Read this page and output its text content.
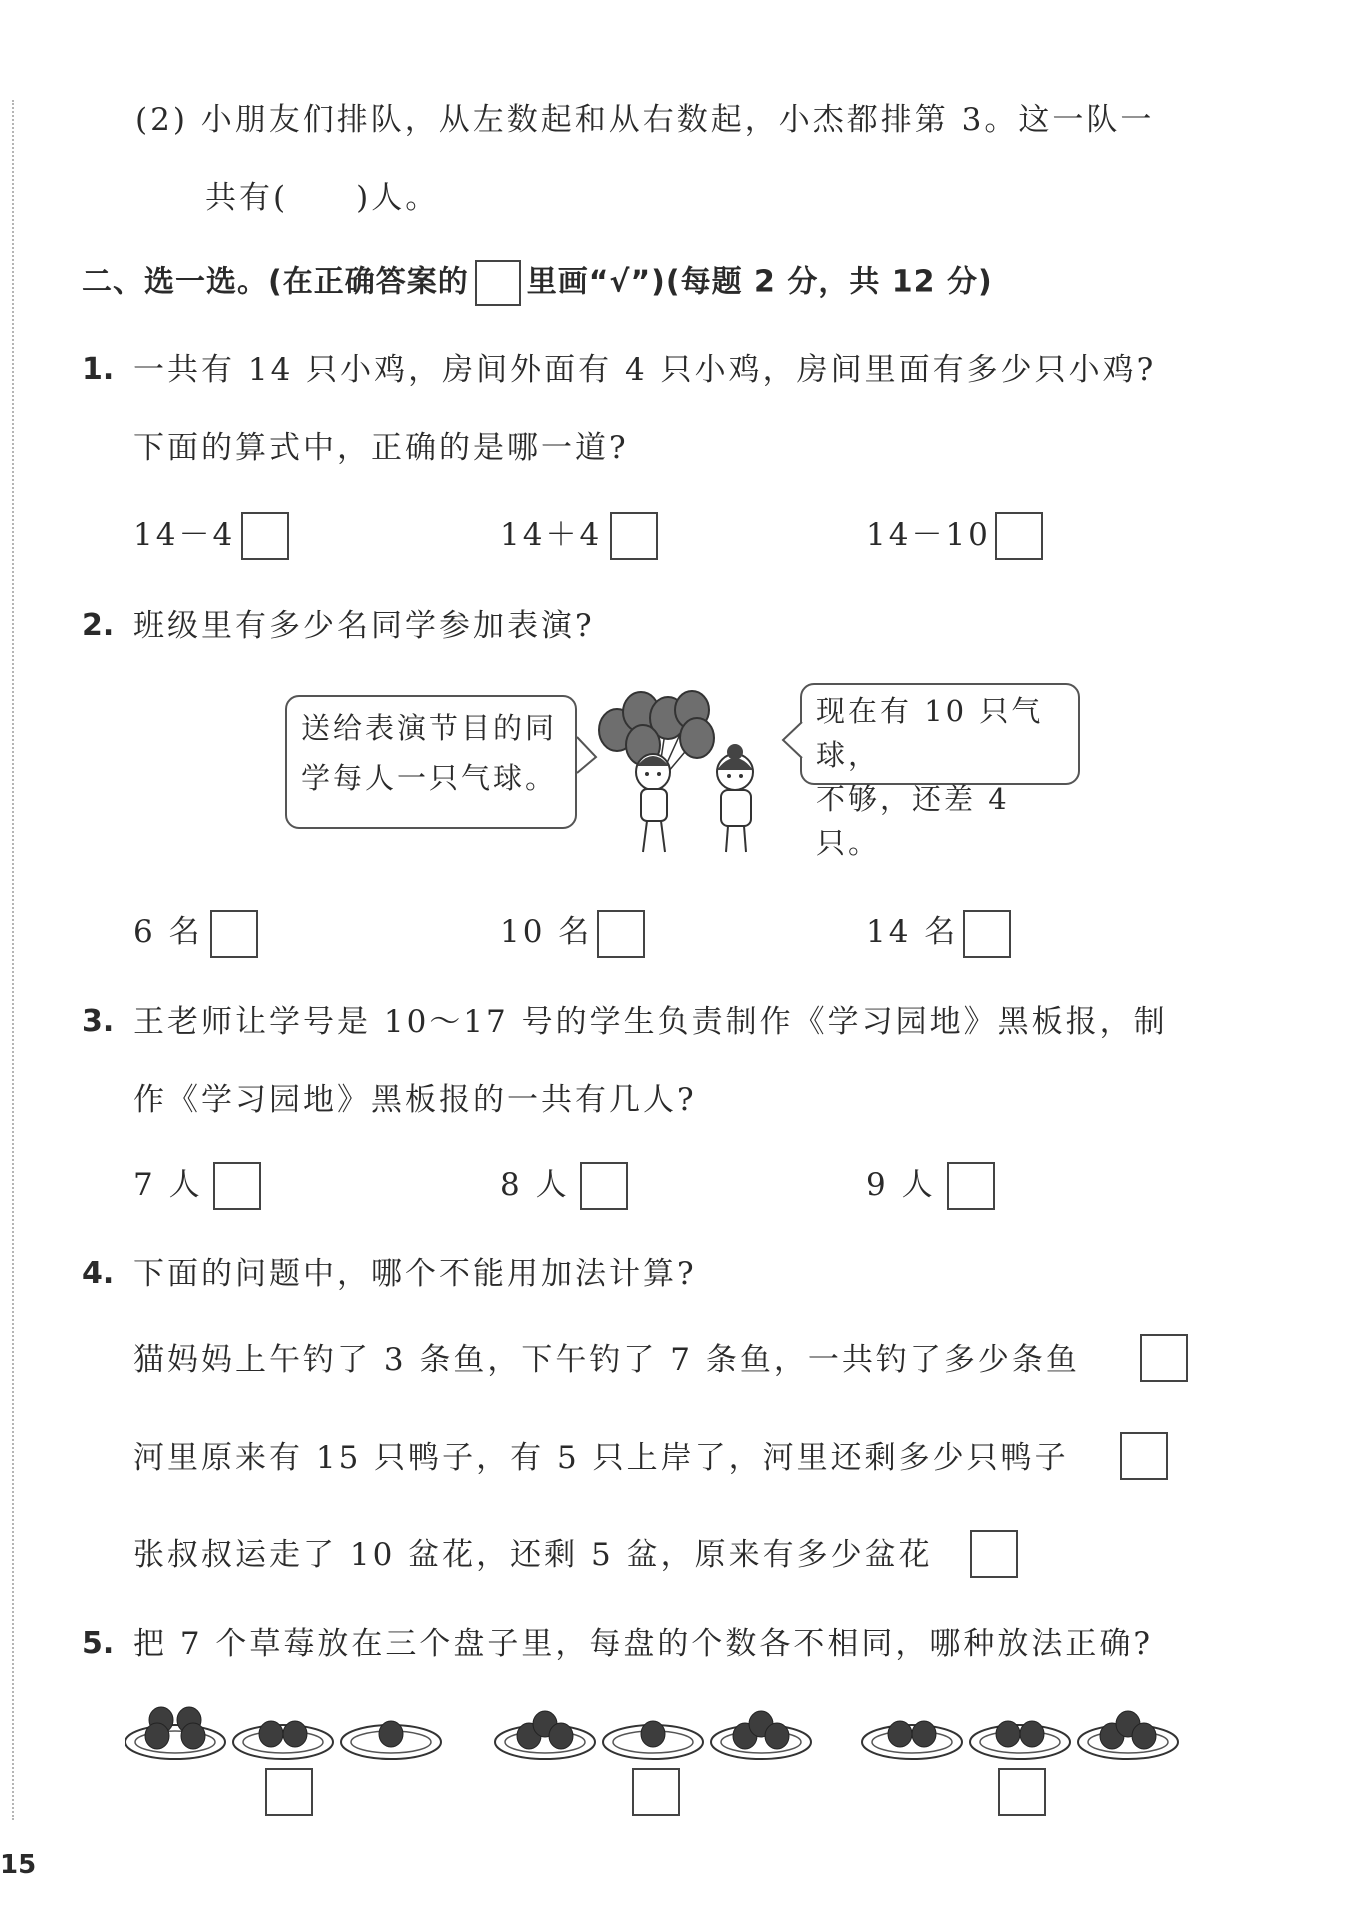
(2) 小朋友们排队，从左数起和从右数起，小杰都排第 3。这一队一
共有(　　)人。
二、选一选。(在正确答案的 里画“√”)(每题 2 分，共 12 分)
1. 一共有 14 只小鸡，房间外面有 4 只小鸡，房间里面有多少只小鸡?
下面的算式中，正确的是哪一道?
14－4	14＋4	14－10
2. 班级里有多少名同学参加表演?
送给表演节目的同
学每人一只气球。
现在有 10 只气球，
不够，还差 4 只。
6 名	10 名	14 名
3. 王老师让学号是 10～17 号的学生负责制作《学习园地》黑板报，制
作《学习园地》黑板报的一共有几人?
7 人	8 人	9 人
4. 下面的问题中，哪个不能用加法计算?
猫妈妈上午钓了 3 条鱼，下午钓了 7 条鱼，一共钓了多少条鱼
河里原来有 15 只鸭子，有 5 只上岸了，河里还剩多少只鸭子
张叔叔运走了 10 盆花，还剩 5 盆，原来有多少盆花
5. 把 7 个草莓放在三个盘子里，每盘的个数各不相同，哪种放法正确?
15
